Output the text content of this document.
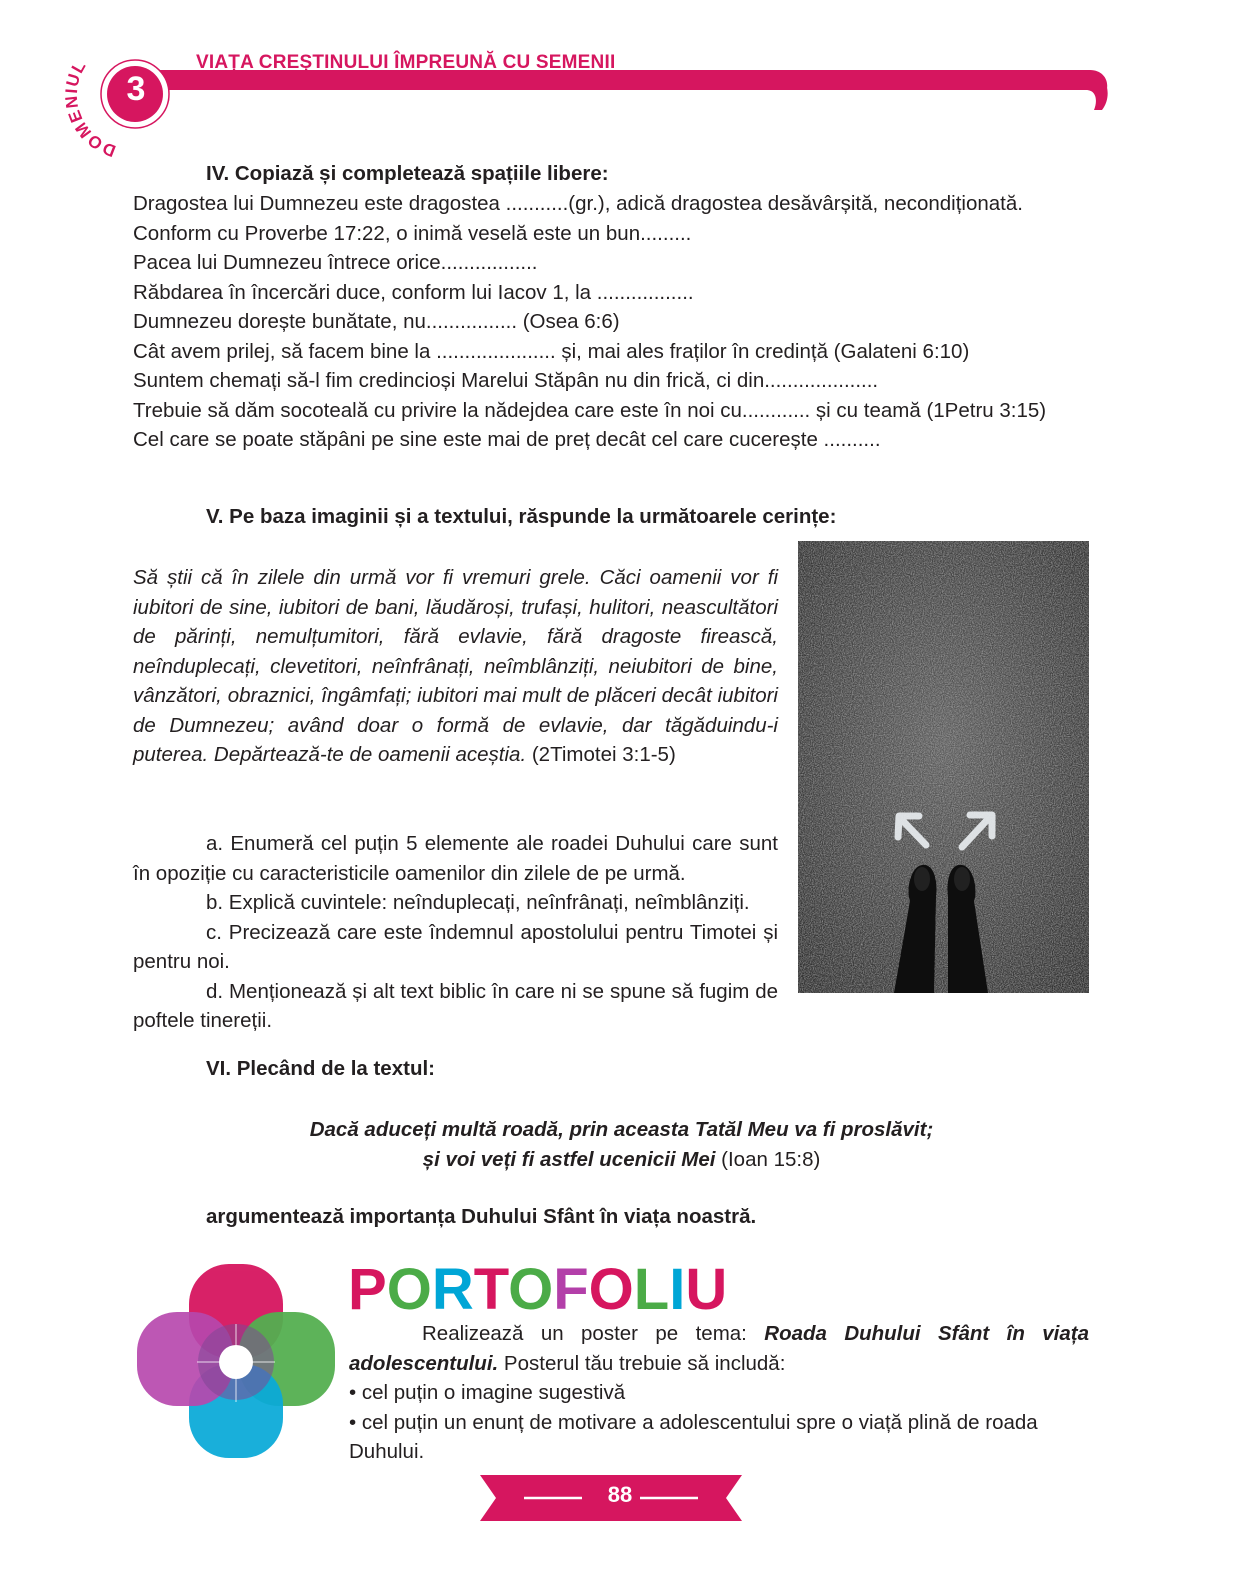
DOMENIUL
3
VIAȚA CREȘTINULUI ÎMPREUNĂ CU SEMENII
IV. Copiază și completează spațiile libere:
Dragostea lui Dumnezeu este dragostea ...........(gr.), adică dragostea desăvârșită, necondiționată.
Conform cu Proverbe 17:22, o inimă veselă este un bun.........
Pacea lui Dumnezeu întrece orice.................
Răbdarea în încercări duce, conform lui Iacov 1, la .................
Dumnezeu dorește bunătate, nu................ (Osea 6:6)
Cât avem prilej, să facem bine la ..................... și, mai ales fraților în credință (Galateni 6:10)
Suntem chemați să-l fim credincioși Marelui Stăpân nu din frică, ci din....................
Trebuie să dăm socoteală cu privire la nădejdea care este în noi cu............ și cu teamă (1Petru 3:15)
Cel care se poate stăpâni pe sine este mai de preț decât cel care cucerește ..........
V. Pe baza imaginii și a textului, răspunde la următoarele cerințe:
Să știi că în zilele din urmă vor fi vremuri grele. Căci oamenii vor fi iubitori de sine, iubitori de bani, lăudăroși, trufași, hulitori, neascultători de părinți, nemulțumitori, fără evlavie, fără dragoste firească, neînduplecați, clevetitori, neînfrânați, neîmblânziți, neiubitori de bine, vânzători, obraznici, îngâmfați; iubitori mai mult de plăceri decât iubitori de Dumnezeu; având doar o formă de evlavie, dar tăgăduindu-i puterea. Depărtează-te de oamenii aceștia. (2Timotei 3:1-5)

a. Enumeră cel puțin 5 elemente ale roadei Duhului care sunt în opoziție cu caracteristicile oamenilor din zilele de pe urmă.

b. Explică cuvintele: neînduplecați, neînfrânați, neîmblânziți.

c. Precizează care este îndemnul apostolului pentru Timotei și pentru noi.

d. Menționează și alt text biblic în care ni se spune să fugim de poftele tinereții.

VI. Plecând de la textul:
Dacă aduceți multă roadă, prin aceasta Tatăl Meu va fi proslăvit;
și voi veți fi astfel ucenicii Mei (Ioan 15:8)
argumentează importanța Duhului Sfânt în viața noastră.
PORTOFOLIU

Realizează un poster pe tema: Roada Duhului Sfânt în viața

adolescentului. Posterul tău trebuie să includă:

• cel puțin o imagine sugestivă

• cel puțin un enunț de motivare a adolescentului spre o viață plină de roada Duhului.

88
